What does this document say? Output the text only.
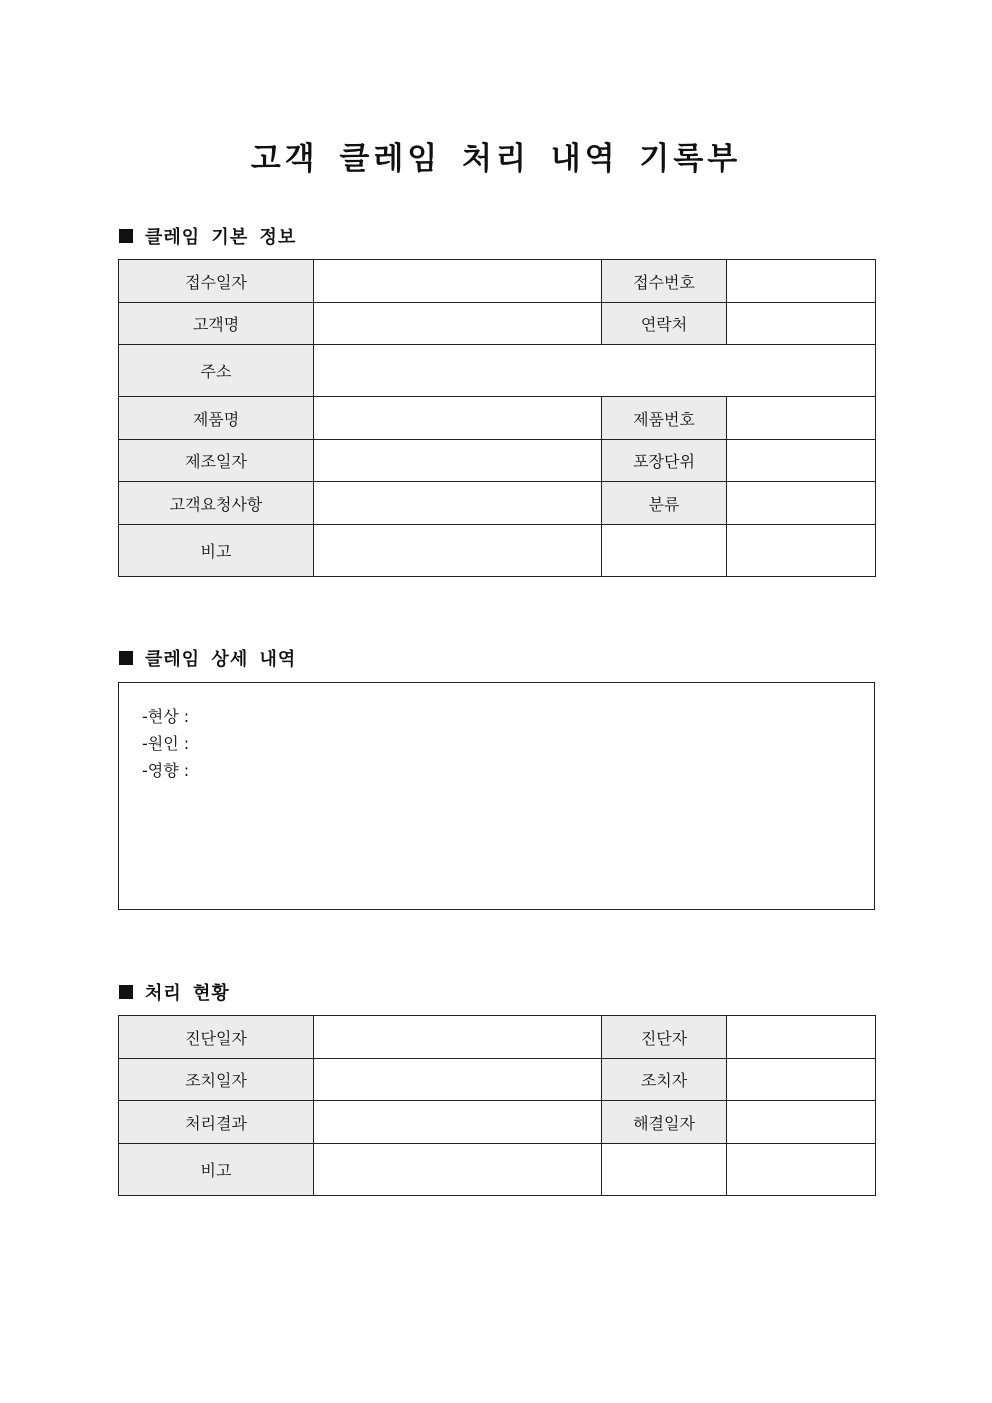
고객 클레임 처리 내역 기록부
클레임 기본 정보
접수일자		접수번호	
고객명		연락처	
주소			
제품명		제품번호	
제조일자		포장단위	
고객요청사항		분류	
비고			
클레임 상세 내역
-현상 :
-원인 :
-영향 :
처리 현황
진단일자		진단자	
조치일자		조치자	
처리결과		해결일자	
비고			
